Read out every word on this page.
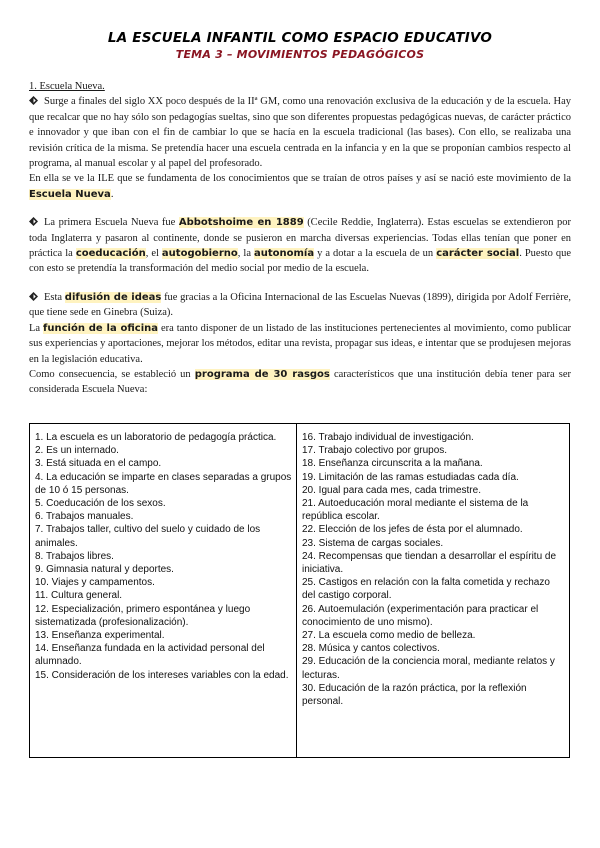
LA ESCUELA INFANTIL COMO ESPACIO EDUCATIVO
TEMA 3 – MOVIMIENTOS PEDAGÓGICOS

1. Escuela Nueva.

Surge a finales del siglo XX poco después de la IIª GM, como una renovación exclusiva de la educación y de la escuela. Hay que recalcar que no hay sólo son pedagogías sueltas, sino que son diferentes propuestas pedagógicas nuevas, de carácter práctico e innovador y que iban con el fin de cambiar lo que se hacía en la escuela tradicional (las bases). Con ello, se realizaba una revisión crítica de la misma. Se pretendía hacer una escuela centrada en la infancia y en la que se proponían cambios respecto al programa, al manual escolar y al papel del profesorado.

En ella se ve la ILE que se fundamenta de los conocimientos que se traían de otros países y así se nació este movimiento de la Escuela Nueva.

La primera Escuela Nueva fue Abbotshoime en 1889 (Cecile Reddie, Inglaterra). Estas escuelas se extendieron por toda Inglaterra y pasaron al continente, donde se pusieron en marcha diversas experiencias. Todas ellas tenían que poner en práctica la coeducación, el autogobierno, la autonomía y a dotar a la escuela de un carácter social. Puesto que con esto se pretendía la transformación del medio social por medio de la escuela.

Esta difusión de ideas fue gracias a la Oficina Internacional de las Escuelas Nuevas (1899), dirigida por Adolf Ferrière, que tiene sede en Ginebra (Suiza).

La función de la oficina era tanto disponer de un listado de las instituciones pertenecientes al movimiento, como publicar sus experiencias y aportaciones, mejorar los métodos, editar una revista, propagar sus ideas, e intentar que se produjesen mejoras en la legislación educativa.

Como consecuencia, se estableció un programa de 30 rasgos característicos que una institución debía tener para ser considerada Escuela Nueva:

1. La escuela es un laboratorio de pedagogía práctica.
2. Es un internado.
3. Está situada en el campo.
4. La educación se imparte en clases separadas a grupos de 10 ó 15 personas.
5. Coeducación de los sexos.
6. Trabajos manuales.
7. Trabajos taller, cultivo del suelo y cuidado de los animales.
8. Trabajos libres.
9. Gimnasia natural y deportes.
10. Viajes y campamentos.
11. Cultura general.
12. Especialización, primero espontánea y luego sistematizada (profesionalización).
13. Enseñanza experimental.
14. Enseñanza fundada en la actividad personal del alumnado.
15. Consideración de los intereses variables con la edad.
16. Trabajo individual de investigación.
17. Trabajo colectivo por grupos.
18. Enseñanza circunscrita a la mañana.
19. Limitación de las ramas estudiadas cada día.
20. Igual para cada mes, cada trimestre.
21. Autoeducación moral mediante el sistema de la república escolar.
22. Elección de los jefes de ésta por el alumnado.
23. Sistema de cargas sociales.
24. Recompensas que tiendan a desarrollar el espíritu de iniciativa.
25. Castigos en relación con la falta cometida y rechazo del castigo corporal.
26. Autoemulación (experimentación para practicar el conocimiento de uno mismo).
27. La escuela como medio de belleza.
28. Música y cantos colectivos.
29. Educación de la conciencia moral, mediante relatos y lecturas.
30. Educación de la razón práctica, por la reflexión personal.
